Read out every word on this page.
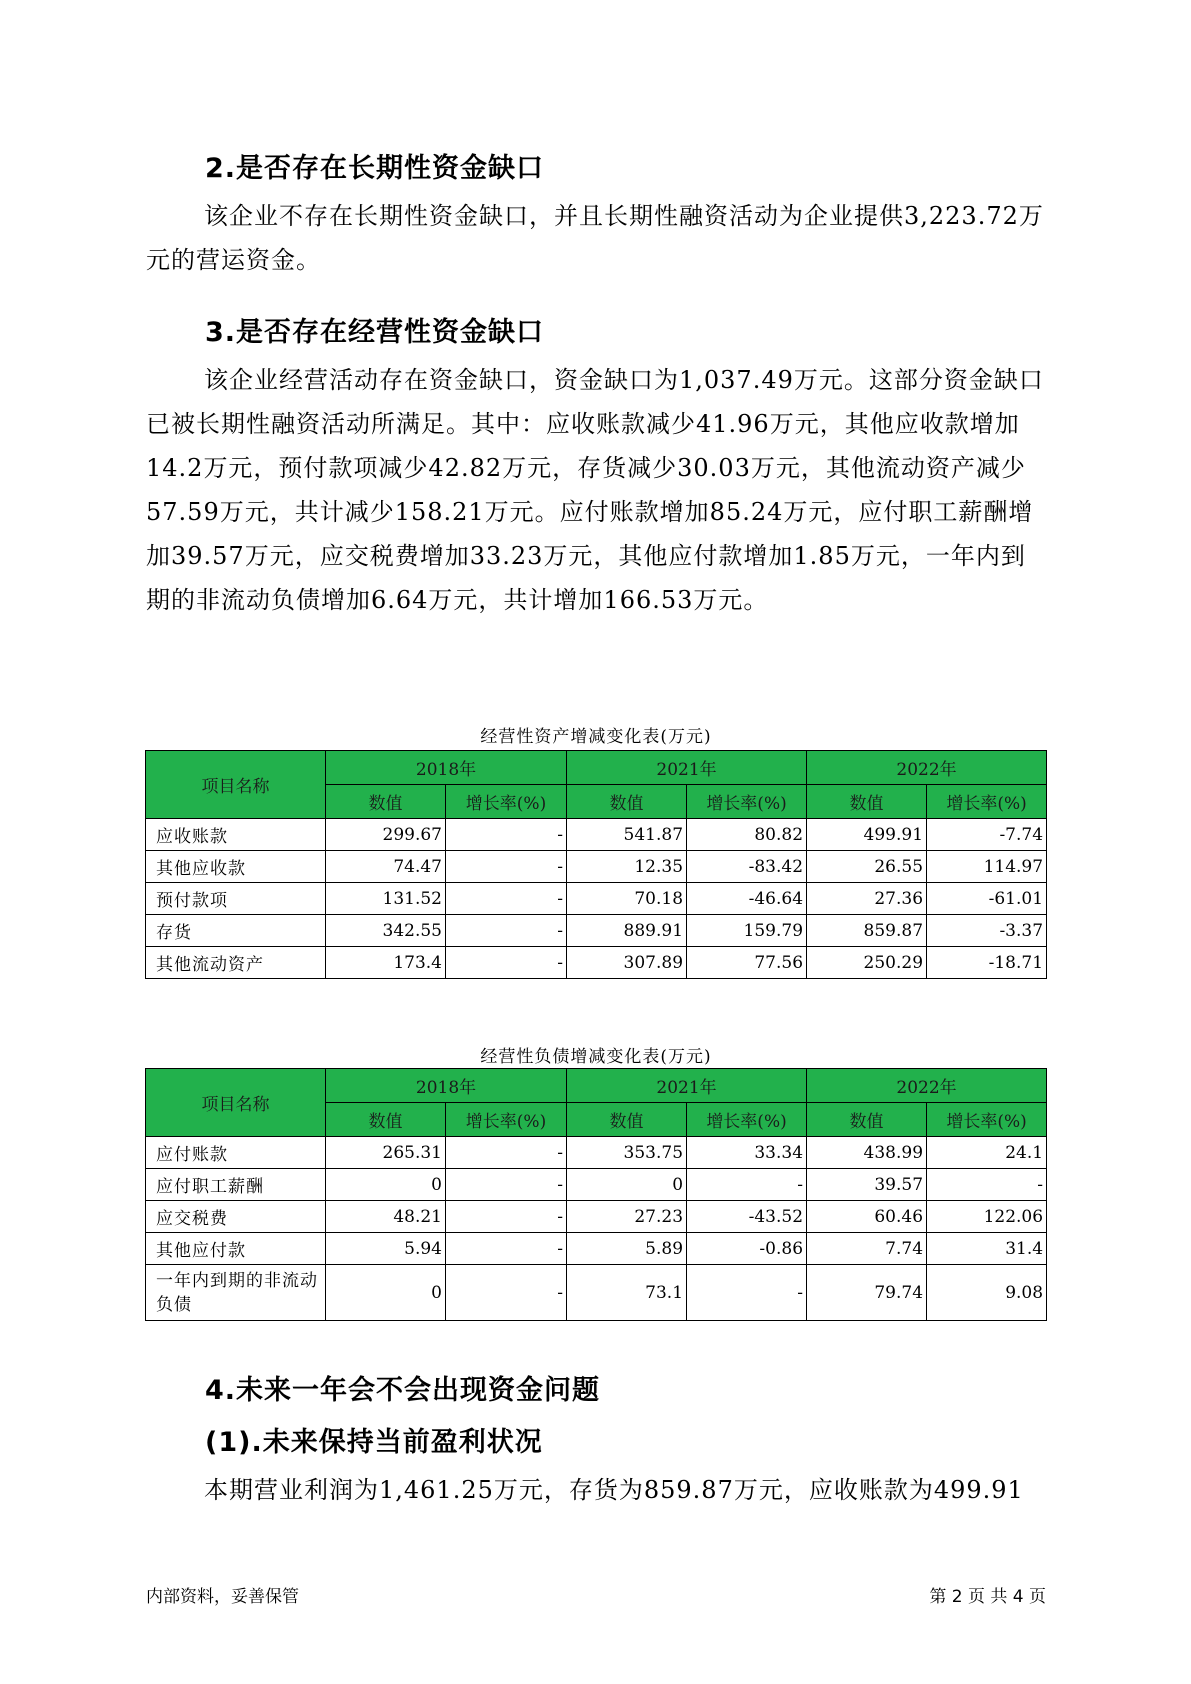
2.是否存在长期性资金缺口

该企业不存在长期性资金缺口，并且长期性融资活动为企业提供3,223.72万元的营运资金。

3.是否存在经营性资金缺口

该企业经营活动存在资金缺口，资金缺口为1,037.49万元。这部分资金缺口已被长期性融资活动所满足。其中：应收账款减少41.96万元，其他应收款增加14.2万元，预付款项减少42.82万元，存货减少30.03万元，其他流动资产减少57.59万元，共计减少158.21万元。应付账款增加85.24万元，应付职工薪酬增加39.57万元，应交税费增加33.23万元，其他应付款增加1.85万元，一年内到期的非流动负债增加6.64万元，共计增加166.53万元。

经营性资产增减变化表(万元)
项目名称	2018年		2021年		2022年	
	数值	增长率(%)	数值	增长率(%)	数值	增长率(%)
应收账款	299.67	-	541.87	80.82	499.91	-7.74
其他应收款	74.47	-	12.35	-83.42	26.55	114.97
预付款项	131.52	-	70.18	-46.64	27.36	-61.01
存货	342.55	-	889.91	159.79	859.87	-3.37
其他流动资产	173.4	-	307.89	77.56	250.29	-18.71
经营性负债增减变化表(万元)
项目名称	2018年		2021年		2022年	
	数值	增长率(%)	数值	增长率(%)	数值	增长率(%)
应付账款	265.31	-	353.75	33.34	438.99	24.1
应付职工薪酬	0	-	0	-	39.57	-
应交税费	48.21	-	27.23	-43.52	60.46	122.06
其他应付款	5.94	-	5.89	-0.86	7.74	31.4
一年内到期的非流动负债	0	-	73.1	-	79.74	9.08
4.未来一年会不会出现资金问题
(1).未来保持当前盈利状况

本期营业利润为1,461.25万元，存货为859.87万元，应收账款为499.91

内部资料，妥善保管	第 2 页 共 4 页
